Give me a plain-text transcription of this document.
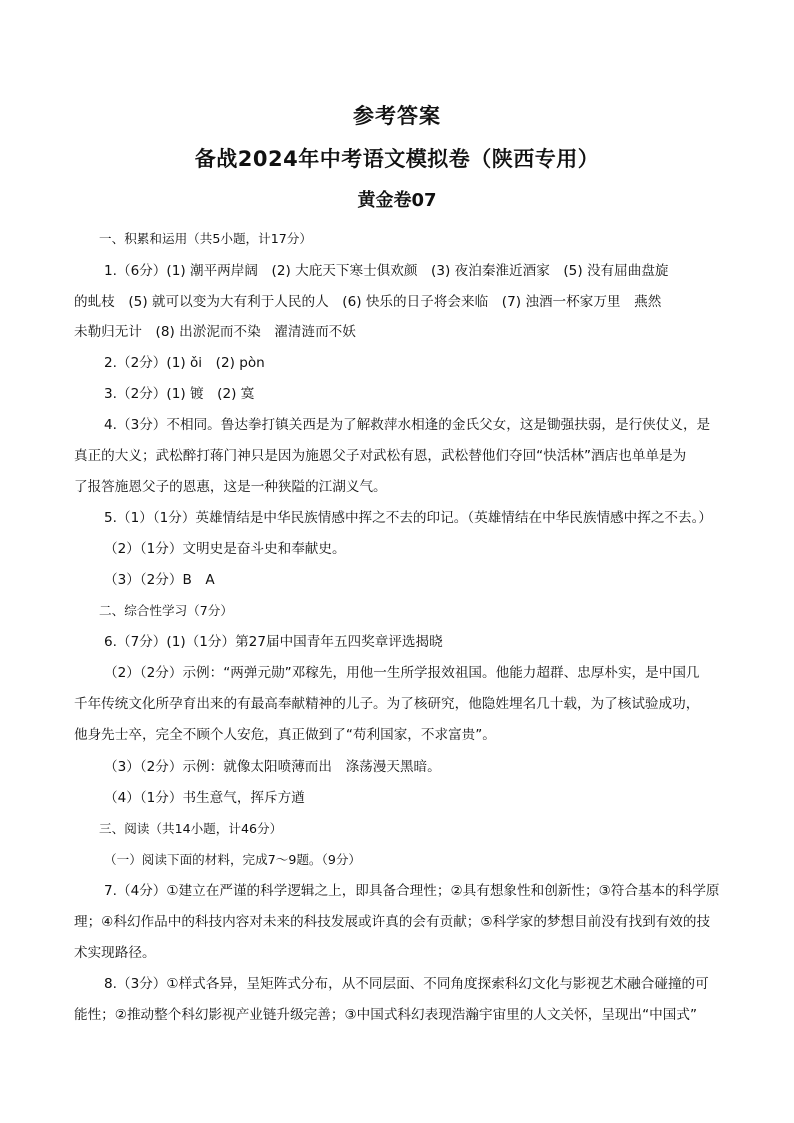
参考答案
备战2024年中考语文模拟卷（陕西专用）
黄金卷07
一、积累和运用（共5小题，计17分）
1.（6分）(1) 潮平两岸阔　(2) 大庇天下寒士俱欢颜　(3) 夜泊秦淮近酒家　(5) 没有屈曲盘旋
的虬枝　(5) 就可以变为大有利于人民的人　(6) 快乐的日子将会来临　(7) 浊酒一杯家万里　燕然
未勒归无计　(8) 出淤泥而不染　濯清涟而不妖
2.（2分）(1) ǒi　(2) pòn
3.（2分）(1) 镀　(2) 寞
4.（3分）不相同。鲁达拳打镇关西是为了解救萍水相逢的金氏父女，这是锄强扶弱，是行侠仗义，是
真正的大义；武松醉打蒋门神只是因为施恩父子对武松有恩，武松替他们夺回“快活林”酒店也单单是为
了报答施恩父子的恩惠，这是一种狭隘的江湖义气。
5.（1）（1分）英雄情结是中华民族情感中挥之不去的印记。（英雄情结在中华民族情感中挥之不去。）
（2）（1分）文明史是奋斗史和奉献史。
（3）（2分）B　A
二、综合性学习（7分）
6.（7分）(1)（1分）第27届中国青年五四奖章评选揭晓
（2）（2分）示例：“两弹元勋”邓稼先，用他一生所学报效祖国。他能力超群、忠厚朴实，是中国几
千年传统文化所孕育出来的有最高奉献精神的儿子。为了核研究，他隐姓埋名几十载，为了核试验成功，
他身先士卒，完全不顾个人安危，真正做到了“苟利国家，不求富贵”。
（3）（2分）示例：就像太阳喷薄而出　涤荡漫天黑暗。
（4）（1分）书生意气，挥斥方遒
三、阅读（共14小题，计46分）
（一）阅读下面的材料，完成7～9题。（9分）
7.（4分）①建立在严谨的科学逻辑之上，即具备合理性；②具有想象性和创新性；③符合基本的科学原
理；④科幻作品中的科技内容对未来的科技发展或许真的会有贡献；⑤科学家的梦想目前没有找到有效的技
术实现路径。
8.（3分）①样式各异，呈矩阵式分布，从不同层面、不同角度探索科幻文化与影视艺术融合碰撞的可
能性；②推动整个科幻影视产业链升级完善；③中国式科幻表现浩瀚宇宙里的人文关怀，呈现出“中国式”
